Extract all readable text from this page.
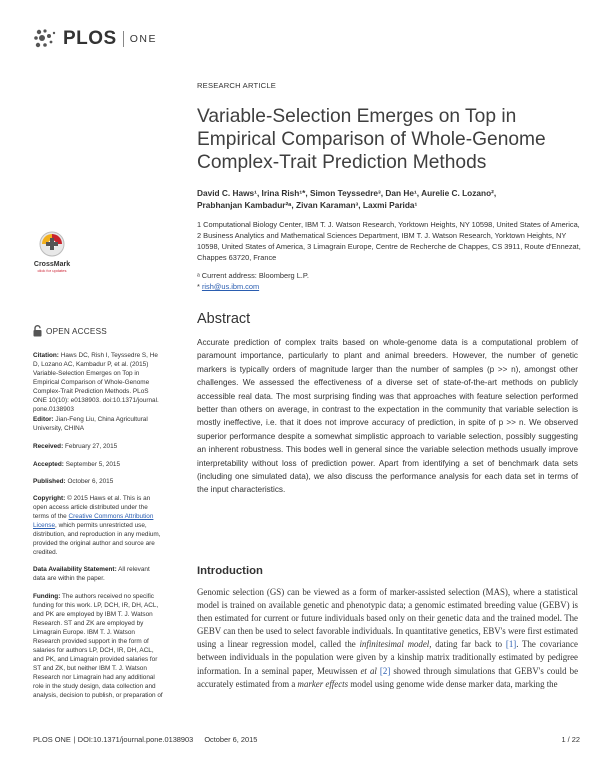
PLOS ONE
RESEARCH ARTICLE
Variable-Selection Emerges on Top in Empirical Comparison of Whole-Genome Complex-Trait Prediction Methods
David C. Haws¹, Irina Rish¹*, Simon Teyssedre³, Dan He¹, Aurelie C. Lozano²,
Prabhanjan Kambadur²ᵃ, Zivan Karaman³, Laxmi Parida¹
1 Computational Biology Center, IBM T. J. Watson Research, Yorktown Heights, NY 10598, United States of America, 2 Business Analytics and Mathematical Sciences Department, IBM T. J. Watson Research, Yorktown Heights, NY 10598, United States of America, 3 Limagrain Europe, Centre de Recherche de Chappes, CS 3911, Route d'Ennezat, Chappes 63720, France
ᵃ Current address: Bloomberg L.P.
* rish@us.ibm.com
CrossMark
click for updates
OPEN ACCESS
Citation: Haws DC, Rish I, Teyssedre S, He D, Lozano AC, Kambadur P, et al. (2015) Variable-Selection Emerges on Top in Empirical Comparison of Whole-Genome Complex-Trait Prediction Methods. PLoS ONE 10(10): e0138903. doi:10.1371/journal. pone.0138903
Editor: Jian-Feng Liu, China Agricultural University, CHINA
Received: February 27, 2015
Accepted: September 5, 2015
Published: October 6, 2015
Copyright: © 2015 Haws et al. This is an open access article distributed under the terms of the Creative Commons Attribution License, which permits unrestricted use, distribution, and reproduction in any medium, provided the original author and source are credited.
Data Availability Statement: All relevant data are within the paper.
Funding: The authors received no specific funding for this work. LP, DCH, IR, DH, ACL, and PK are employed by IBM T. J. Watson Research. ST and ZK are employed by Limagrain Europe. IBM T. J. Watson Research provided support in the form of salaries for authors LP, DCH, IR, DH, ACL, and PK, and Limagrain provided salaries for ST and ZK, but neither IBM T. J. Watson Research nor Limagrain had any additional role in the study design, data collection and analysis, decision to publish, or preparation of
Abstract
Accurate prediction of complex traits based on whole-genome data is a computational problem of paramount importance, particularly to plant and animal breeders. However, the number of genetic markers is typically orders of magnitude larger than the number of samples (p >> n), amongst other challenges. We assessed the effectiveness of a diverse set of state-of-the-art methods on publicly accessible real data. The most surprising finding was that approaches with feature selection performed better than others on average, in contrast to the expectation in the community that variable selection is mostly ineffective, i.e. that it does not improve accuracy of prediction, in spite of p >> n. We observed superior performance despite a somewhat simplistic approach to variable selection, possibly suggesting an inherent robustness. This bodes well in general since the variable selection methods usually improve interpretability without loss of prediction power. Apart from identifying a set of benchmark data sets (including one simulated data), we also discuss the performance analysis for each data set in terms of the input characteristics.
Introduction
Genomic selection (GS) can be viewed as a form of marker-assisted selection (MAS), where a statistical model is trained on available genetic and phenotypic data; a genomic estimated breeding value (GEBV) is then estimated for current or future individuals based only on their genetic data and the trained model. The GEBV can then be used to select favorable individuals. In quantitative genetics, EBV's were first estimated using a linear regression model, called the infinitesimal model, dating far back to [1]. The covariance between individuals in the population were given by a kinship matrix traditionally estimated by pedigree information. In a seminal paper, Meuwissen et al [2] showed through simulations that GEBV's could be accurately estimated from a marker effects model using genome wide dense marker data, marking the
PLOS ONE | DOI:10.1371/journal.pone.0138903 October 6, 2015	1 / 22
